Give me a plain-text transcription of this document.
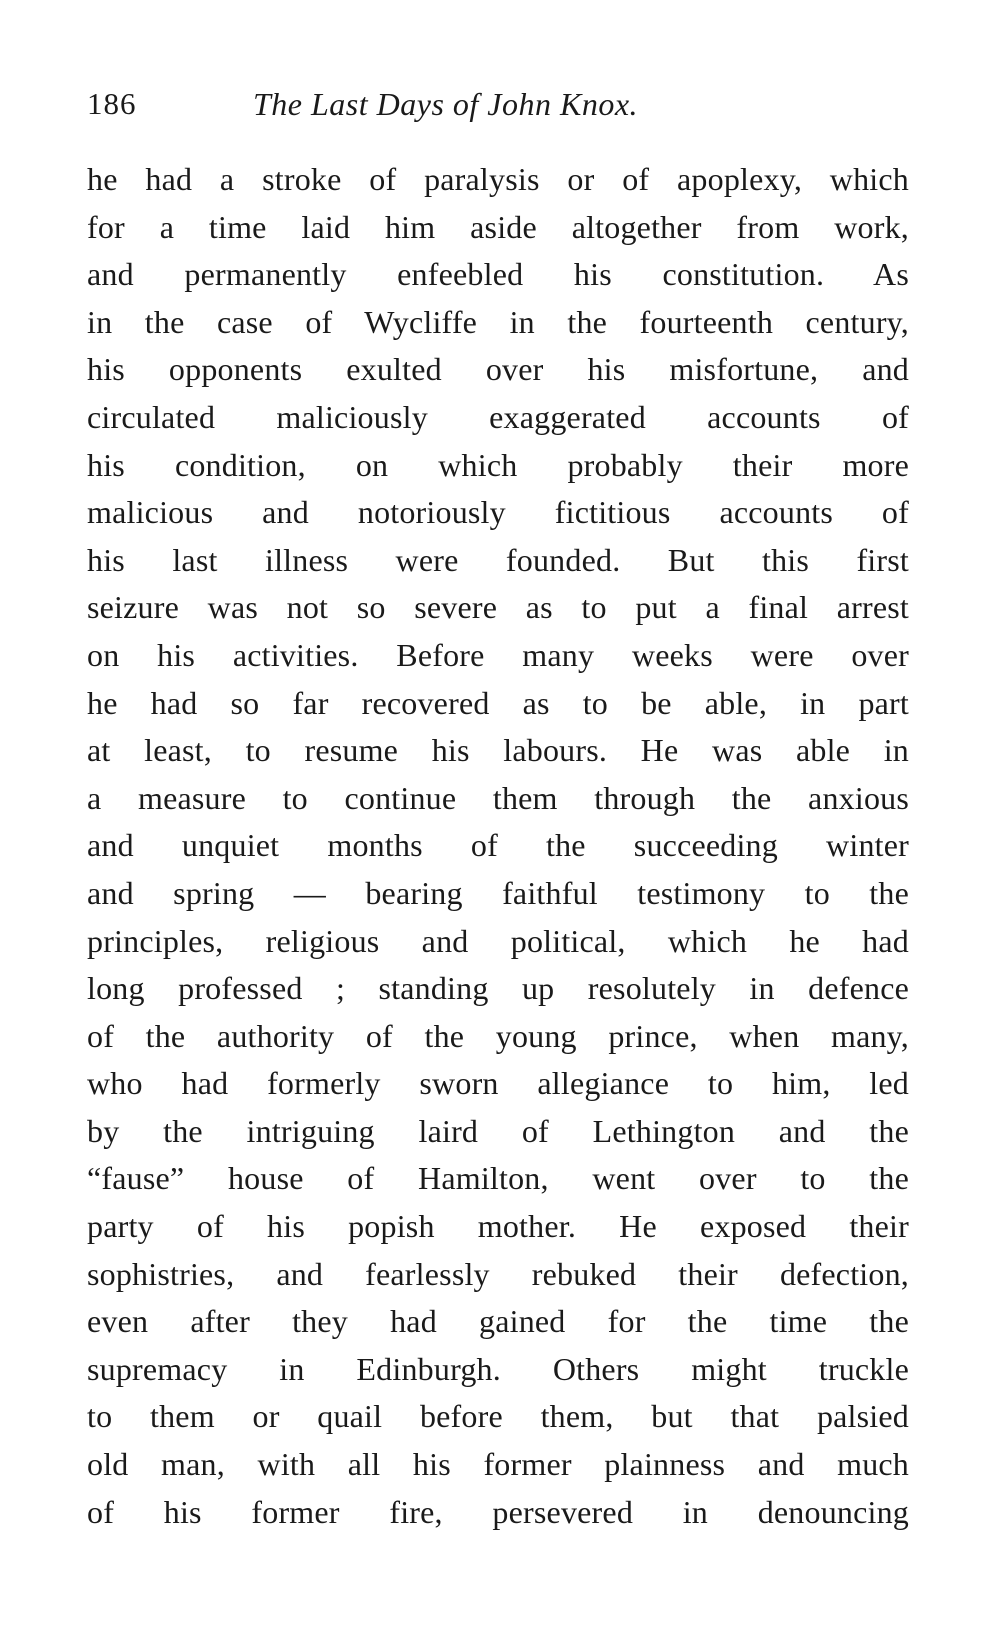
186	The Last Days of John Knox.
he had a stroke of paralysis or of apoplexy, which
for a time laid him aside altogether from work,
and permanently enfeebled his constitution. As
in the case of Wycliffe in the fourteenth century,
his opponents exulted over his misfortune, and
circulated maliciously exaggerated accounts of
his condition, on which probably their more
malicious and notoriously fictitious accounts of
his last illness were founded. But this first
seizure was not so severe as to put a final arrest
on his activities. Before many weeks were over
he had so far recovered as to be able, in part
at least, to resume his labours. He was able in
a measure to continue them through the anxious
and unquiet months of the succeeding winter
and spring — bearing faithful testimony to the
principles, religious and political, which he had
long professed ; standing up resolutely in defence
of the authority of the young prince, when many,
who had formerly sworn allegiance to him, led
by the intriguing laird of Lethington and the
“fause” house of Hamilton, went over to the
party of his popish mother. He exposed their
sophistries, and fearlessly rebuked their defection,
even after they had gained for the time the
supremacy in Edinburgh. Others might truckle
to them or quail before them, but that palsied
old man, with all his former plainness and much
of his former fire, persevered in denouncing
